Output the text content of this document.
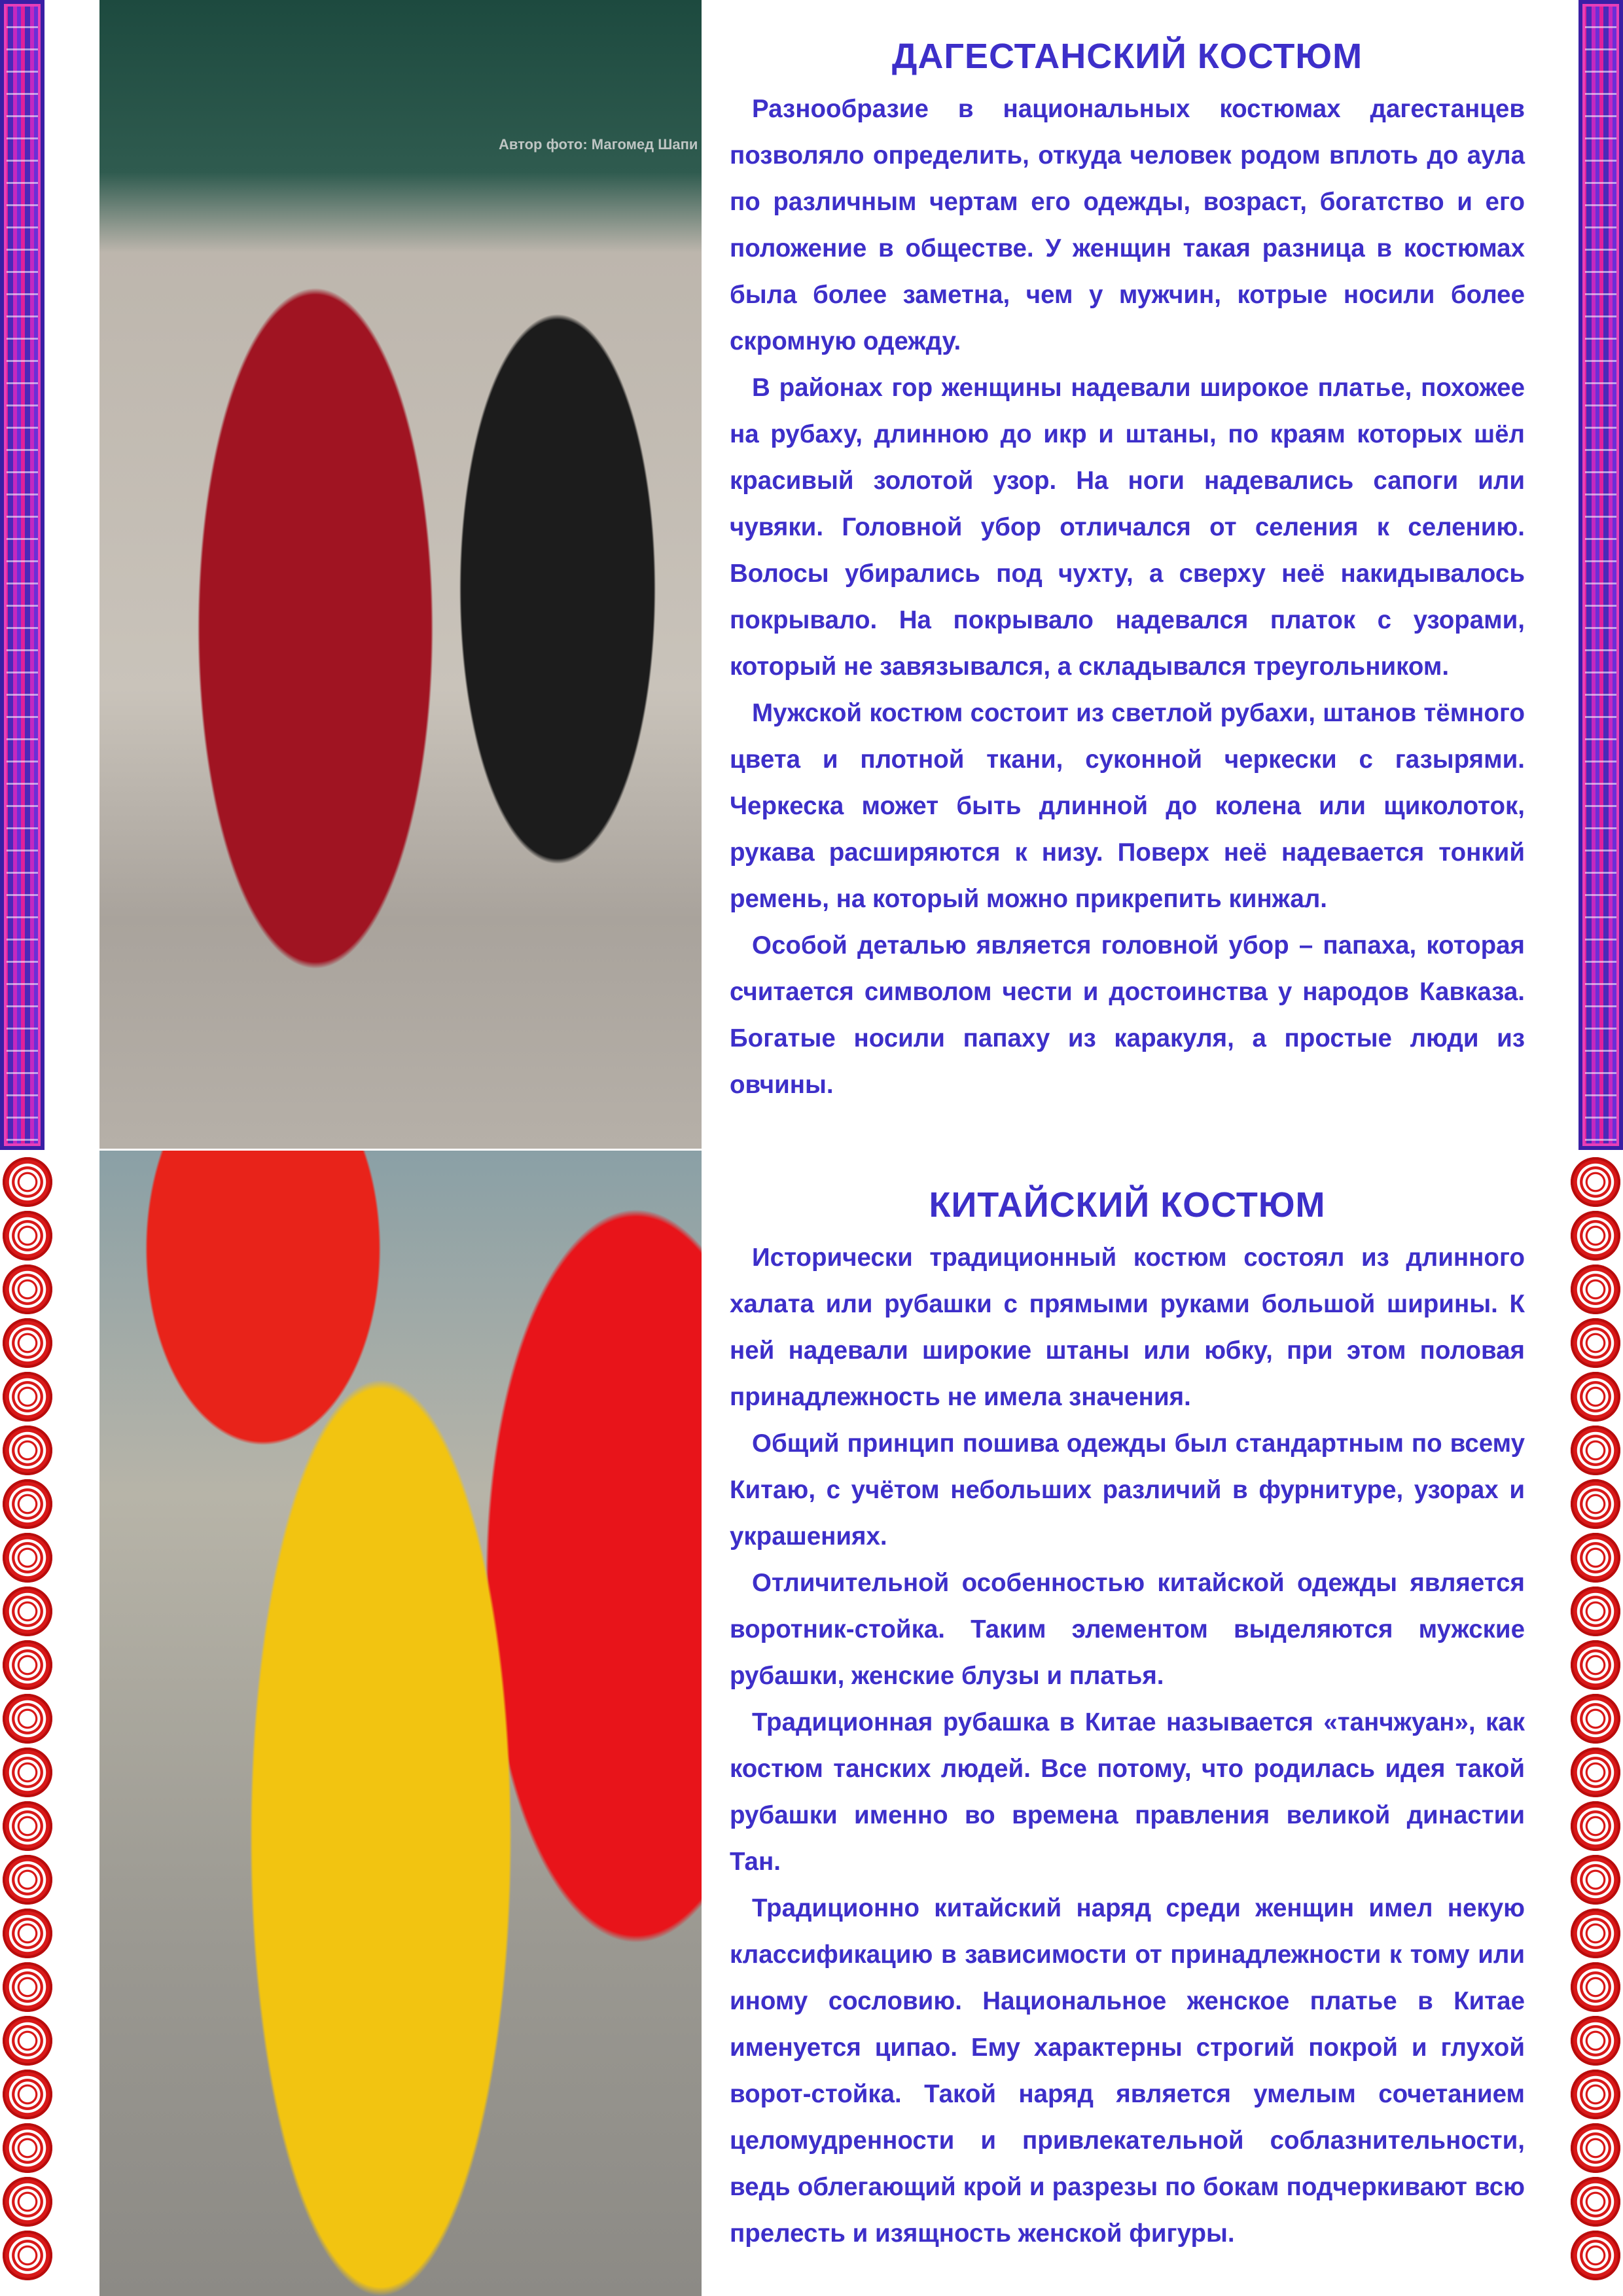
Автор фото: Магомед Шапи
ДАГЕСТАНСКИЙ КОСТЮМ

Разнообразие в национальных костюмах дагестанцев позволяло определить, откуда человек родом вплоть до аула по различным чертам его одежды, возраст, богатство и его положение в обществе. У женщин такая разница в костюмах была более заметна, чем у мужчин, котрые носили более скромную одежду.

В районах гор женщины надевали широкое платье, похожее на рубаху, длинною до икр и штаны, по краям которых шёл красивый золотой узор. На ноги надевались сапоги или чувяки. Головной убор отличался от селения к селению. Волосы убирались под чухту, а сверху неё накидывалось покрывало. На покрывало надевался платок с узорами, который не завязывался, а складывался треугольником.

Мужской костюм состоит из светлой рубахи, штанов тёмного цвета и плотной ткани, суконной черкески с газырями. Черкеска может быть длинной до колена или щиколоток, рукава расширяются к низу. Поверх неё надевается тонкий ремень, на который можно прикрепить кинжал.

Особой деталью является головной убор – папаха, которая считается символом чести и достоинства у народов Кавказа. Богатые носили папаху из каракуля, а простые люди из овчины.

КИТАЙСКИЙ КОСТЮМ

Исторически традиционный костюм состоял из длинного халата или рубашки с прямыми руками большой ширины. К ней надевали широкие штаны или юбку, при этом половая принадлежность не имела значения.

Общий принцип пошива одежды был стандартным по всему Китаю, с учётом небольших различий в фурнитуре, узорах и украшениях.

Отличительной особенностью китайской одежды является воротник-стойка. Таким элементом выделяются мужские рубашки, женские блузы и платья.

Традиционная рубашка в Китае называется «танчжуан», как костюм танских людей. Все потому, что родилась идея такой рубашки именно во времена правления великой династии Тан.

Традиционно китайский наряд среди женщин имел некую классификацию в зависимости от принадлежности к тому или иному сословию. Национальное женское платье в Китае именуется ципао. Ему характерны строгий покрой и глухой ворот-стойка. Такой наряд является умелым сочетанием целомудренности и привлекательной соблазнительности, ведь облегающий крой и разрезы по бокам подчеркивают всю прелесть и изящность женской фигуры.
